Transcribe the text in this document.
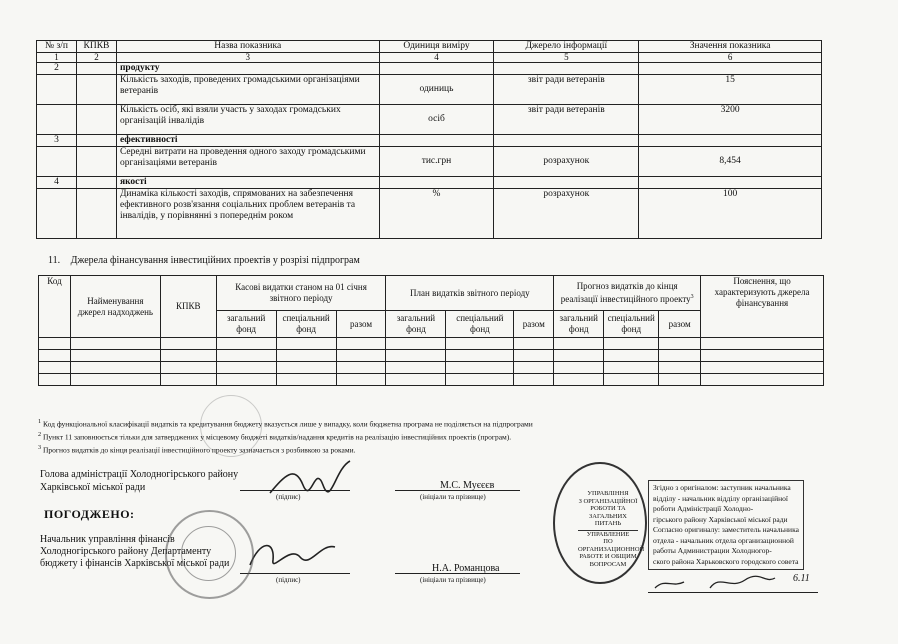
№ з/п	КПКВ	Назва показника	Одиниця виміру	Джерело інформації	Значення показника
1	2	3	4	5	6
2		продукту			
		Кількість заходів, проведених громадськими організаціями ветеранів	одиниць	звіт ради ветеранів	15
		Кількість осіб, які взяли участь у заходах громадських організацій інвалідів	осіб	звіт ради ветеранів	3200
3		ефективності			
		Середні витрати на проведення одного заходу громадськими організаціями ветеранів	тис.грн	розрахунок	8,454
4		якості			
		Динаміка кількості заходів, спрямованих на забезпечення ефективного розв'язання соціальних проблем ветеранів та інвалідів, у порівнянні з попереднім роком	%	розрахунок	100
11. Джерела фінансування інвестиційних проектів у розрізі підпрограм
Код	Найменування джерел надходжень	КПКВ	Касові видатки станом на 01 січня звітного періоду			План видатків звітного періоду			Прогноз видатків до кінця реалізації інвестиційного проекту$^3$			Пояснення, що характеризують джерела фінансування
			загальний фонд	спеціальний фонд	разом	загальний фонд	спеціальний фонд	разом	загальний фонд	спеціальний фонд	разом	

$^1$ Код функціональної класифікації видатків та кредитування бюджету вказується лише у випадку, коли бюджетна програма не поділяється на підпрограми
$^2$ Пункт 11 заповнюється тільки для затверджених у місцевому бюджеті видатків/надання кредитів на реалізацію інвестиційних проектів (програм).
$^3$ Прогноз видатків до кінця реалізації інвестиційного проекту зазначається з розбивкою за роками.
Голова адміністрації Холодногірського району
Харківської міської ради
(підпис)
М.С. Муєєєв
(ініціали та прізвище)
ПОГОДЖЕНО:
Начальник управління фінансів
Холодногірського району Департаменту
бюджету і фінансів Харківської міської ради
(підпис)
Н.А. Романцова
(ініціали та прізвище)
УПРАВЛІННЯ
З ОРГАНІЗАЦІЙНОЇ
РОБОТИ ТА
ЗАГАЛЬНИХ ПИТАНЬ
УПРАВЛЕНИЕ
ПО ОРГАНИЗАЦИОННОЙ
РАБОТЕ И ОБЩИМ
ВОПРОСАМ
Згідно з оригіналом: заступник начальника
відділу - начальник відділу організаційної
роботи Адміністрації Холодно-
гірського району Харківської міської ради
Согласно оригиналу: заместитель начальника
отдела - начальник отдела организационной
работы Администрации Холодногор-
ского района Харьковского городского совета
6.11
